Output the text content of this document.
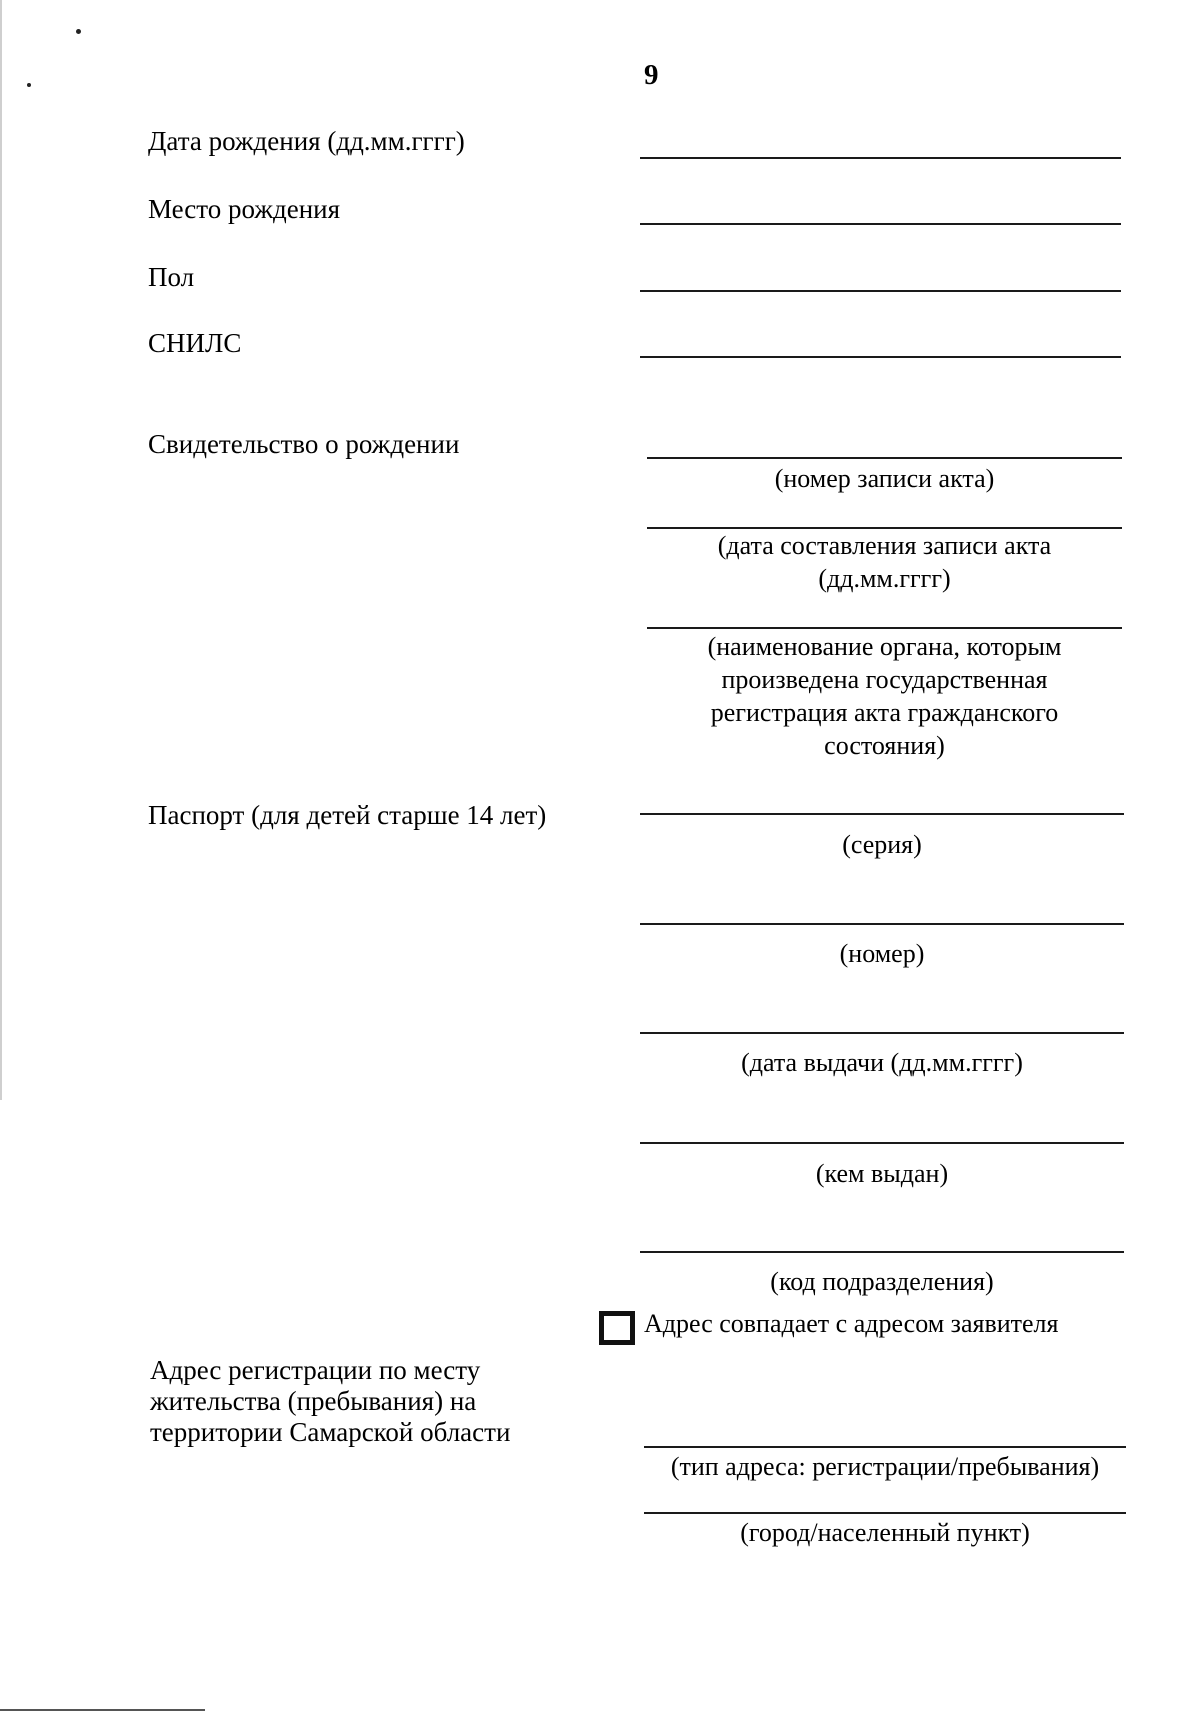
9
Дата рождения (дд.мм.гггг)
Место рождения
Пол
СНИЛС
Свидетельство о рождении
(номер записи акта)
(дата составления записи акта (дд.мм.гггг)
(наименование органа, которым произведена государственная регистрация акта гражданского состояния)
Паспорт (для детей старше 14 лет)
(серия)
(номер)
(дата выдачи (дд.мм.гггг)
(кем выдан)
(код подразделения)
Адрес совпадает с адресом заявителя
Адрес регистрации по месту жительства (пребывания) на территории Самарской области
(тип адреса: регистрации/пребывания)
(город/населенный пункт)
